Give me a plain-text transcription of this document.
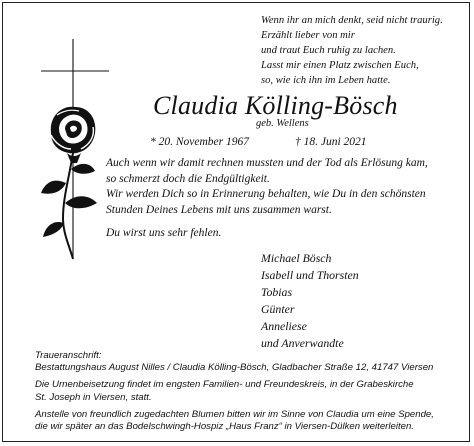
Wenn ihr an mich denkt, seid nicht traurig.
Erzählt lieber von mir
und traut Euch ruhig zu lachen.
Lasst mir einen Platz zwischen Euch,
so, wie ich ihn im Leben hatte.
Claudia Kölling-Bösch
geb. Wellens
* 20. November 1967	† 18. Juni 2021
Auch wenn wir damit rechnen mussten und der Tod als Erlösung kam,
so schmerzt doch die Endgültigkeit.
Wir werden Dich so in Erinnerung behalten, wie Du in den schönsten
Stunden Deines Lebens mit uns zusammen warst.
Du wirst uns sehr fehlen.
Michael Bösch
Isabell und Thorsten
Tobias
Günter
Anneliese
und Anverwandte
Traueranschrift:
Bestattungshaus August Nilles / Claudia Kölling-Bösch, Gladbacher Straße 12, 41747 Viersen
Die Urnenbeisetzung findet im engsten Familien- und Freundeskreis, in der Grabeskirche
St. Joseph in Viersen, statt.
Anstelle von freundlich zugedachten Blumen bitten wir im Sinne von Claudia um eine Spende,
die wir später an das Bodelschwingh-Hospiz „Haus Franz“ in Viersen-Dülken weiterleiten.
